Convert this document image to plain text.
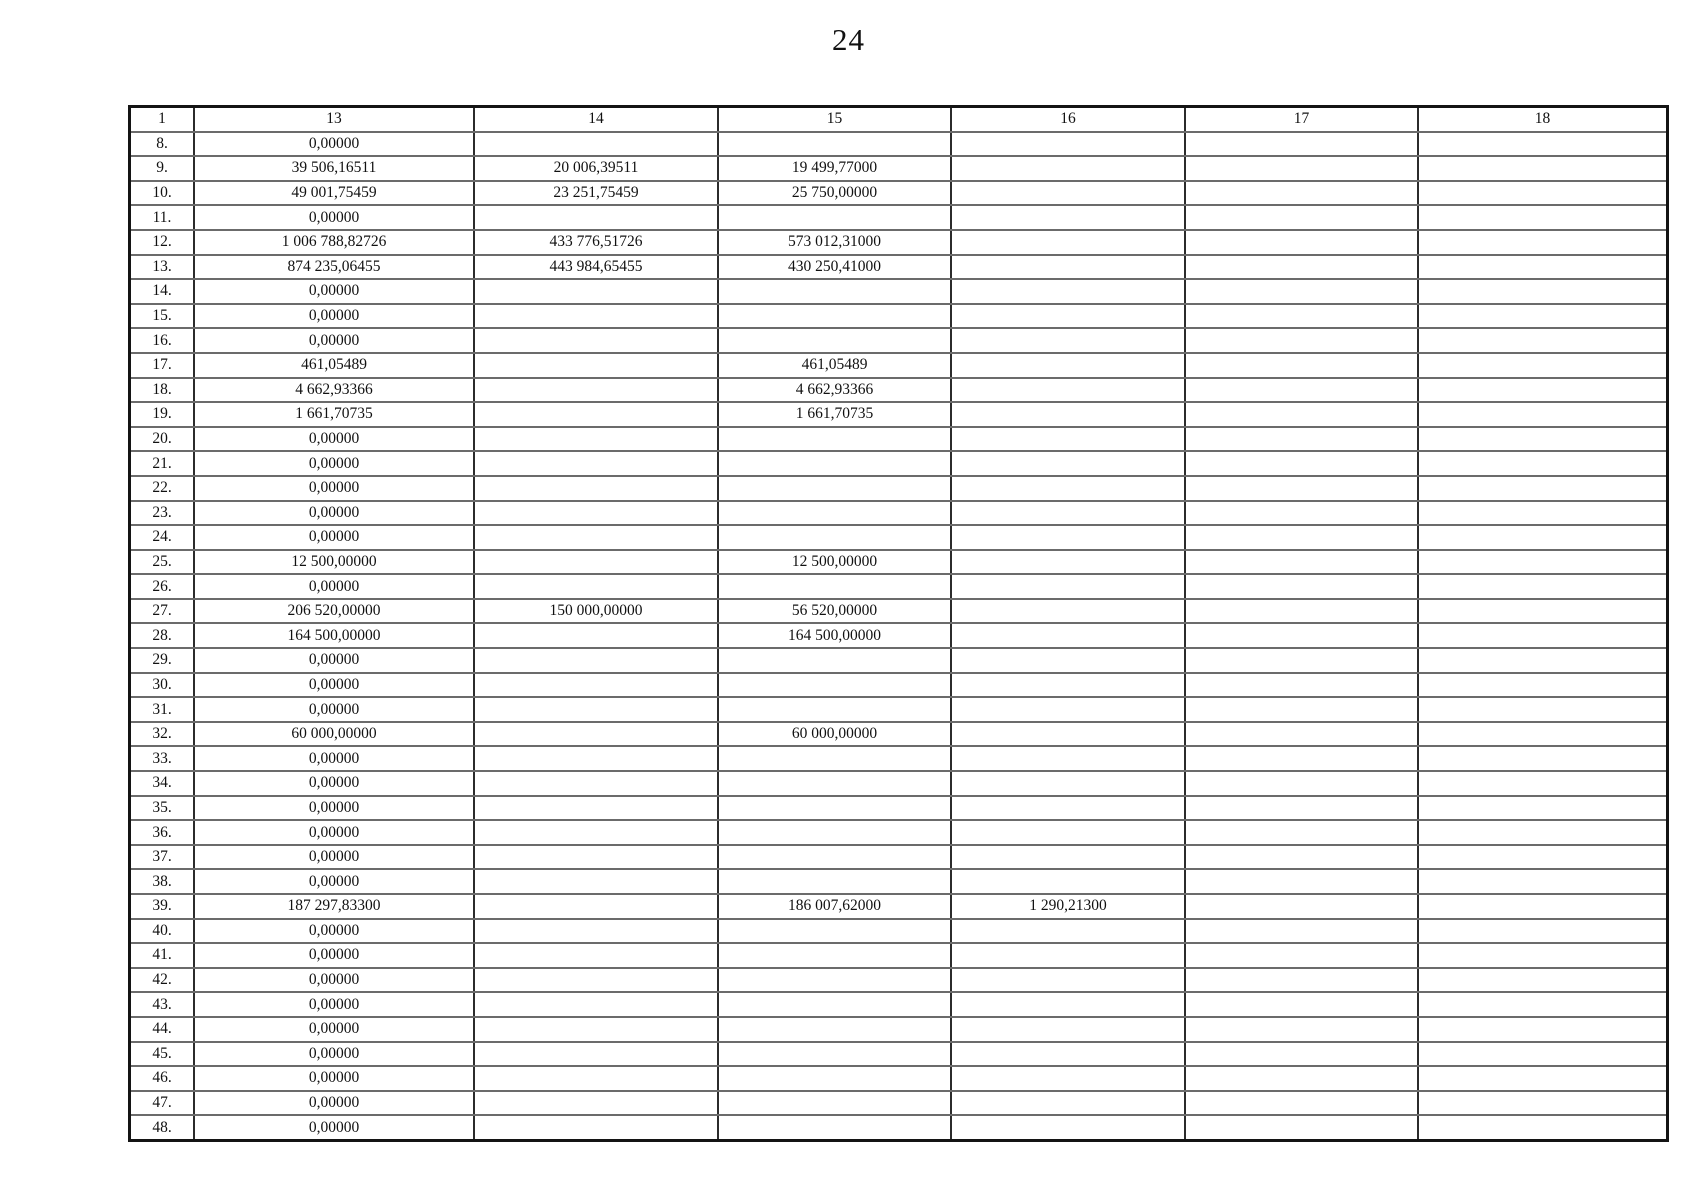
24
1	13	14	15	16	17	18
8.	0,00000					
9.	39 506,16511	20 006,39511	19 499,77000			
10.	49 001,75459	23 251,75459	25 750,00000			
11.	0,00000					
12.	1 006 788,82726	433 776,51726	573 012,31000			
13.	874 235,06455	443 984,65455	430 250,41000			
14.	0,00000					
15.	0,00000					
16.	0,00000					
17.	461,05489		461,05489			
18.	4 662,93366		4 662,93366			
19.	1 661,70735		1 661,70735			
20.	0,00000					
21.	0,00000					
22.	0,00000					
23.	0,00000					
24.	0,00000					
25.	12 500,00000		12 500,00000			
26.	0,00000					
27.	206 520,00000	150 000,00000	56 520,00000			
28.	164 500,00000		164 500,00000			
29.	0,00000					
30.	0,00000					
31.	0,00000					
32.	60 000,00000		60 000,00000			
33.	0,00000					
34.	0,00000					
35.	0,00000					
36.	0,00000					
37.	0,00000					
38.	0,00000					
39.	187 297,83300		186 007,62000	1 290,21300		
40.	0,00000					
41.	0,00000					
42.	0,00000					
43.	0,00000					
44.	0,00000					
45.	0,00000					
46.	0,00000					
47.	0,00000					
48.	0,00000					
